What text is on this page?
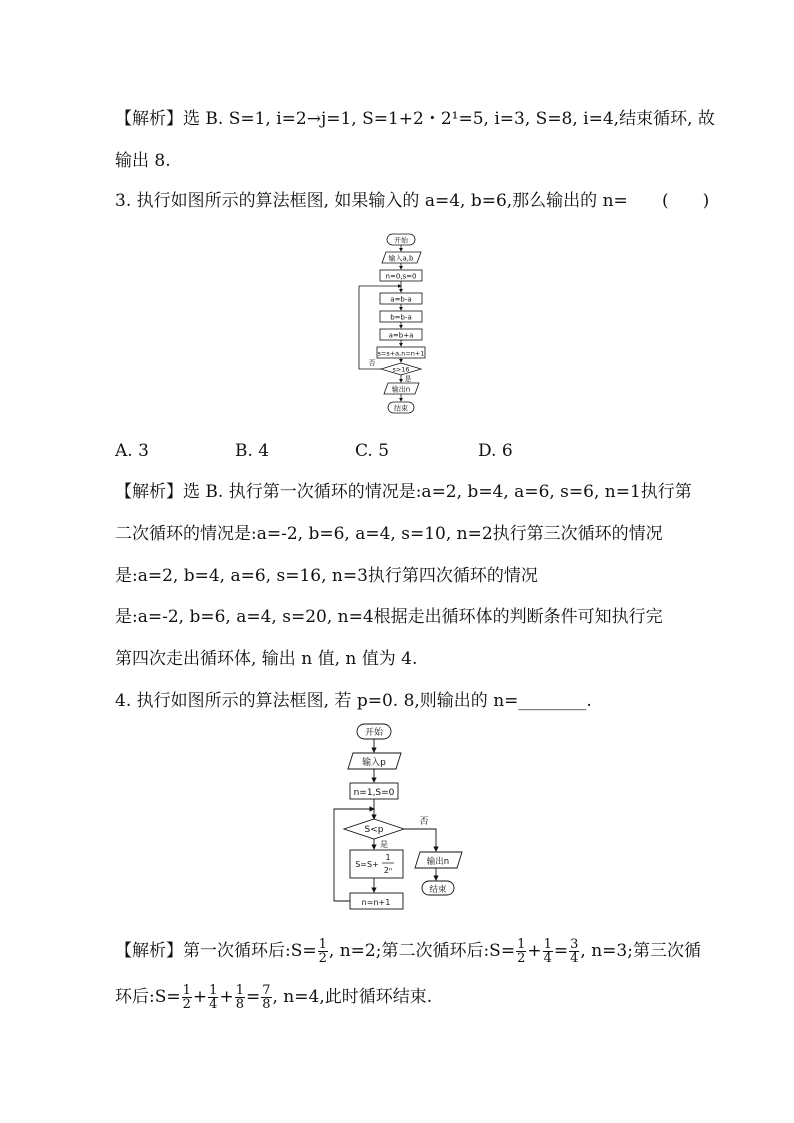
【解析】选 B. S=1, i=2→j=1, S=1+2・2¹=5, i=3, S=8, i=4,结束循环, 故
输出 8.
3. 执行如图所示的算法框图, 如果输入的 a=4, b=6,那么输出的 n= (　　)
开始
输入a,b
n=0,s=0
a=b-a
b=b-a
a=b+a
s=s+a,n=n+1
s>16
否
是
输出n
结束
A. 3	B. 4	C. 5	D. 6
【解析】选 B. 执行第一次循环的情况是:a=2, b=4, a=6, s=6, n=1执行第
二次循环的情况是:a=-2, b=6, a=4, s=10, n=2执行第三次循环的情况
是:a=2, b=4, a=6, s=16, n=3执行第四次循环的情况
是:a=-2, b=6, a=4, s=20, n=4根据走出循环体的判断条件可知执行完
第四次走出循环体, 输出 n 值, n 值为 4.
4. 执行如图所示的算法框图, 若 p=0. 8,则输出的 n=________.
开始
输入p
n=1,S=0
S<p
否
是
S=S+
1
2ⁿ
n=n+1
输出n
结束
【解析】第一次循环后:S= $\frac{1}{2}$ , n=2;第二次循环后:S= $\frac{1}{2} + \frac{1}{4} = \frac{3}{4}$ , n=3;第三次循
环后:S= $\frac{1}{2} + \frac{1}{4} + \frac{1}{8} = \frac{7}{8}$ , n=4,此时循环结束.
